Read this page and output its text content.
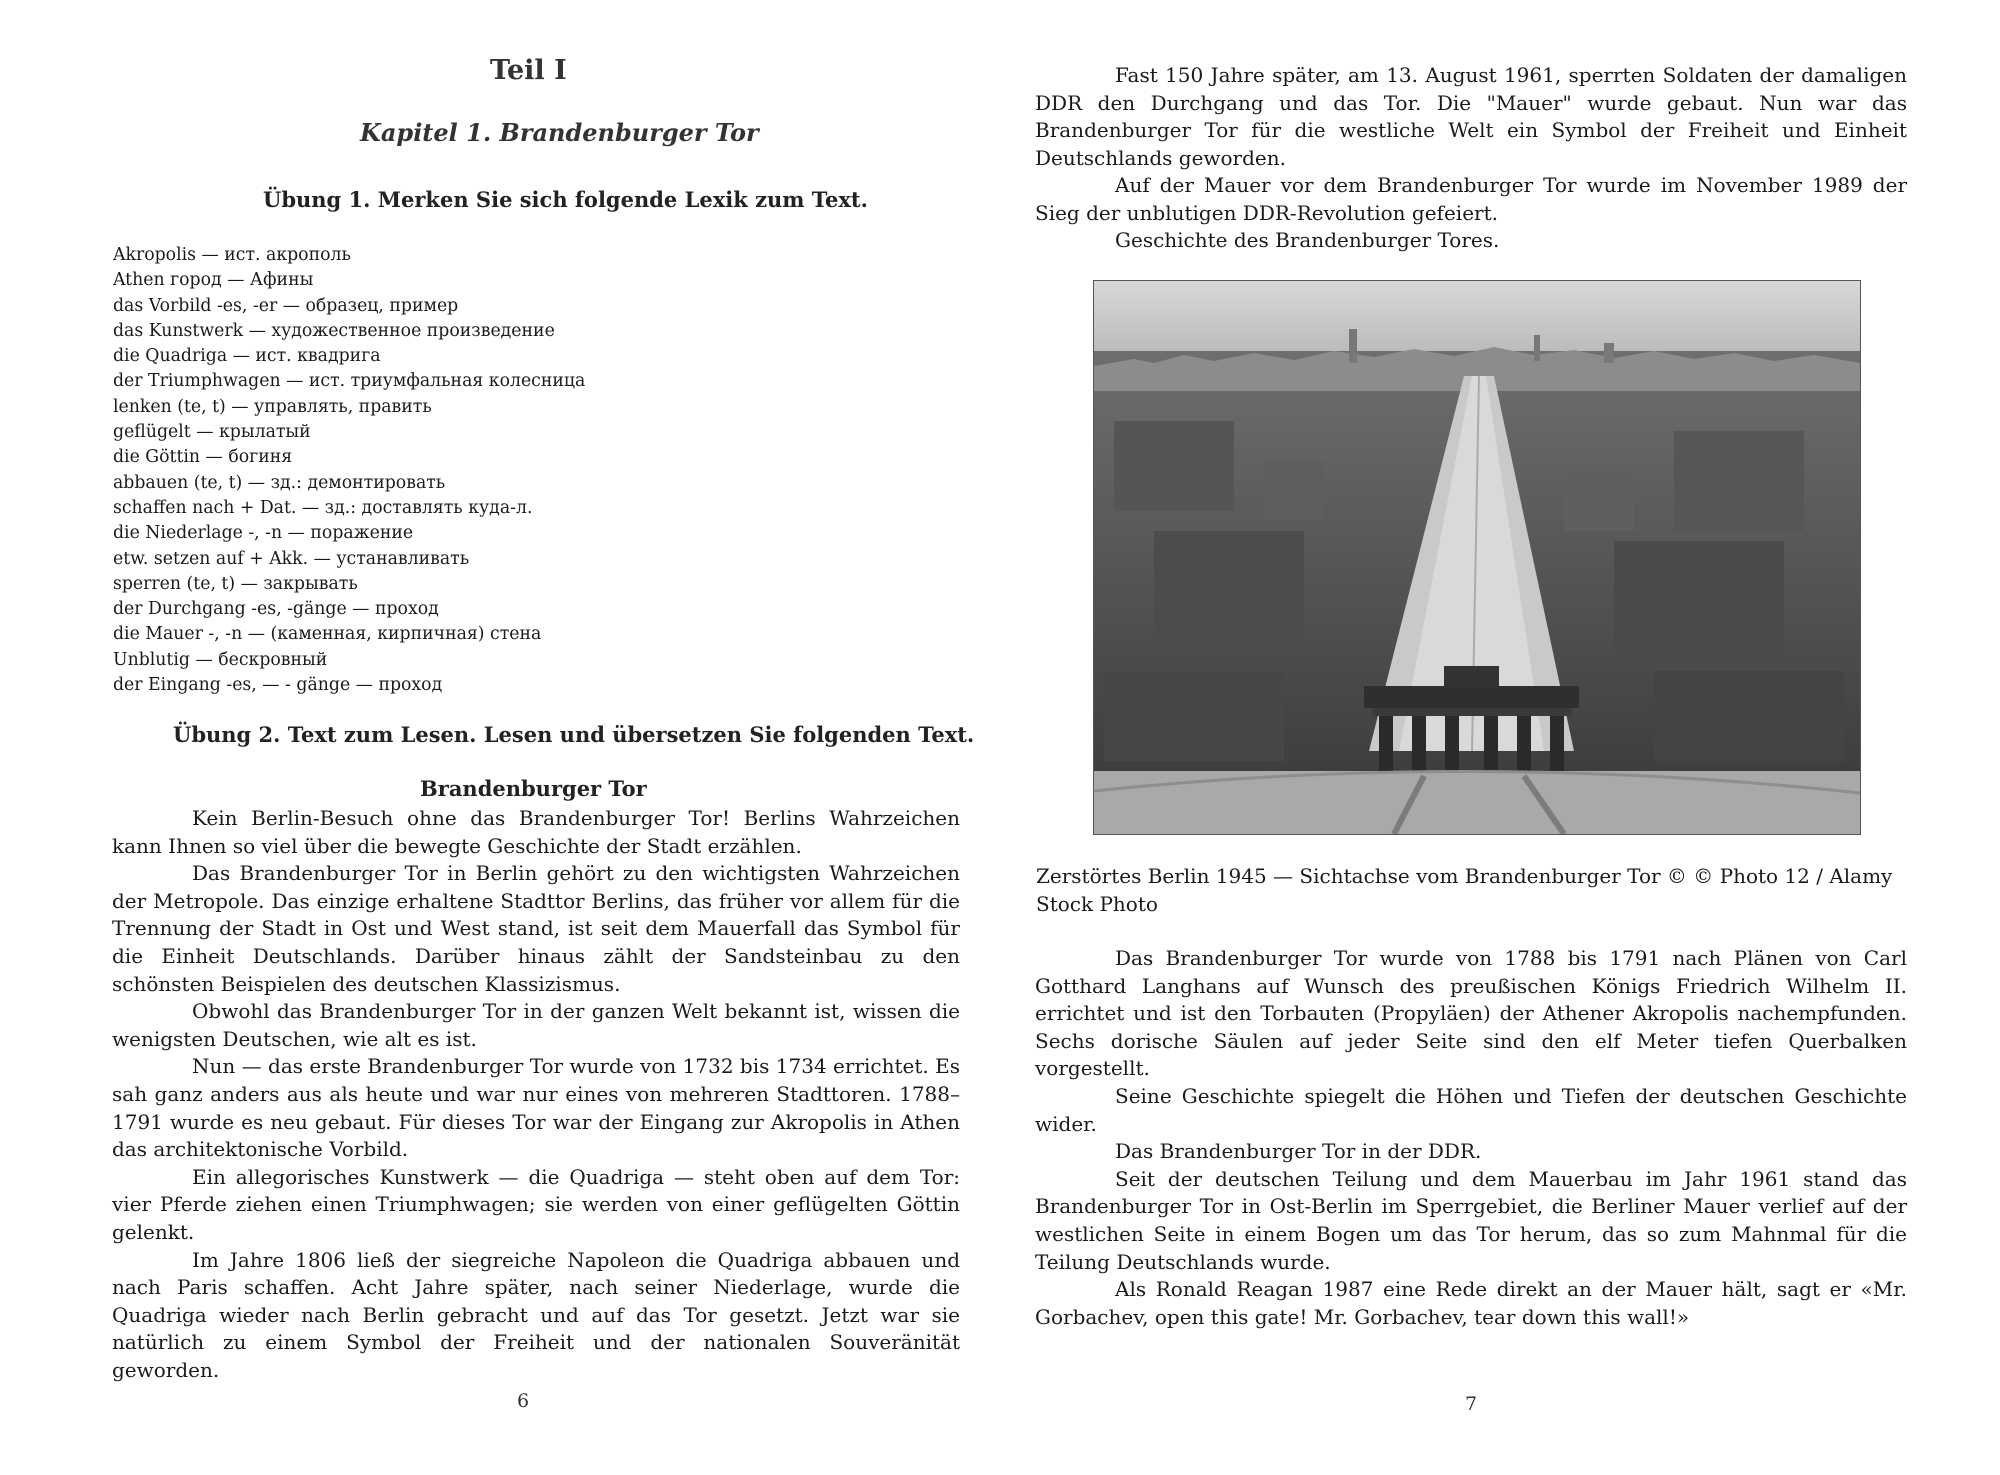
Teil I
Kapitel 1. Brandenburger Tor
Übung 1. Merken Sie sich folgende Lexik zum Text.
Akropolis — ист. акрополь
Athen город — Афины
das Vorbild -es, -er — образец, пример
das Kunstwerk — художественное произведение
die Quadriga — ист. квадрига
der Triumphwagen — ист. триумфальная колесница
lenken (te, t) — управлять, править
geflügelt — крылатый
die Göttin — богиня
abbauen (te, t) — зд.: демонтировать
schaffen nach + Dat. — зд.: доставлять куда-л.
die Niederlage -, -n — поражение
etw. setzen auf + Akk. — устанавливать
sperren (te, t) — закрывать
der Durchgang -es, -gänge — проход
die Mauer -, -n — (каменная, кирпичная) стена
Unblutig — бескровный
der Eingang -es, — - gänge — проход
Übung 2. Text zum Lesen. Lesen und übersetzen Sie folgenden Text.
Brandenburger Tor

Kein Berlin-Besuch ohne das Brandenburger Tor! Berlins Wahrzeichen kann Ihnen so viel über die bewegte Geschichte der Stadt erzählen.

Das Brandenburger Tor in Berlin gehört zu den wichtigsten Wahrzeichen der Metropole. Das einzige erhaltene Stadttor Berlins, das früher vor allem für die Trennung der Stadt in Ost und West stand, ist seit dem Mauerfall das Symbol für die Einheit Deutschlands. Darüber hinaus zählt der Sandsteinbau zu den schönsten Beispielen des deutschen Klassizismus.

Obwohl das Brandenburger Tor in der ganzen Welt bekannt ist, wissen die wenigsten Deutschen, wie alt es ist.

Nun — das erste Brandenburger Tor wurde von 1732 bis 1734 errichtet. Es sah ganz anders aus als heute und war nur eines von mehreren Stadttoren. 1788–1791 wurde es neu gebaut. Für dieses Tor war der Eingang zur Akropolis in Athen das architektonische Vorbild.

Ein allegorisches Kunstwerk — die Quadriga — steht oben auf dem Tor: vier Pferde ziehen einen Triumphwagen; sie werden von einer geflügelten Göttin gelenkt.

Im Jahre 1806 ließ der siegreiche Napoleon die Quadriga abbauen und nach Paris schaffen. Acht Jahre später, nach seiner Niederlage, wurde die Quadriga wieder nach Berlin gebracht und auf das Tor gesetzt. Jetzt war sie natürlich zu einem Symbol der Freiheit und der nationalen Souveränität geworden.

6

Fast 150 Jahre später, am 13. August 1961, sperrten Soldaten der damaligen DDR den Durchgang und das Tor. Die "Mauer" wurde gebaut. Nun war das Brandenburger Tor für die westliche Welt ein Symbol der Freiheit und Einheit Deutschlands geworden.

Auf der Mauer vor dem Brandenburger Tor wurde im November 1989 der Sieg der unblutigen DDR-Revolution gefeiert.

Geschichte des Brandenburger Tores.

Zerstörtes Berlin 1945 — Sichtachse vom Brandenburger Tor © © Photo 12 / Alamy Stock Photo

Das Brandenburger Tor wurde von 1788 bis 1791 nach Plänen von Carl Gotthard Langhans auf Wunsch des preußischen Königs Friedrich Wilhelm II. errichtet und ist den Torbauten (Propyläen) der Athener Akropolis nachempfunden. Sechs dorische Säulen auf jeder Seite sind den elf Meter tiefen Querbalken vorgestellt.

Seine Geschichte spiegelt die Höhen und Tiefen der deutschen Geschichte wider.

Das Brandenburger Tor in der DDR.

Seit der deutschen Teilung und dem Mauerbau im Jahr 1961 stand das Brandenburger Tor in Ost-Berlin im Sperrgebiet, die Berliner Mauer verlief auf der westlichen Seite in einem Bogen um das Tor herum, das so zum Mahnmal für die Teilung Deutschlands wurde.

Als Ronald Reagan 1987 eine Rede direkt an der Mauer hält, sagt er «Mr. Gorbachev, open this gate! Mr. Gorbachev, tear down this wall!»

7
